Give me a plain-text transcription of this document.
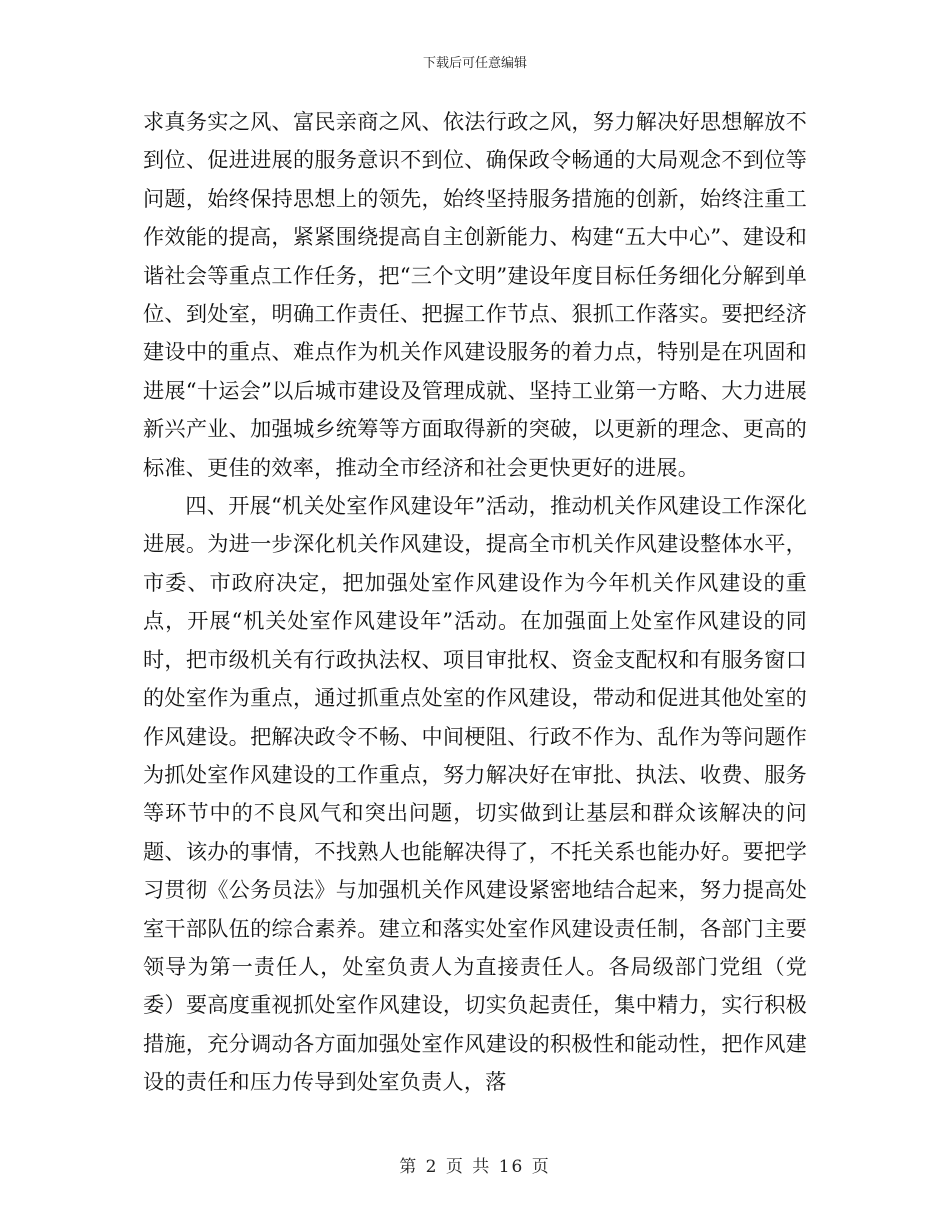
下载后可任意编辑

求真务实之风、富民亲商之风、依法行政之风，努力解决好思想解放不到位、促进进展的服务意识不到位、确保政令畅通的大局观念不到位等问题，始终保持思想上的领先，始终坚持服务措施的创新，始终注重工作效能的提高，紧紧围绕提高自主创新能力、构建“五大中心”、建设和谐社会等重点工作任务，把“三个文明”建设年度目标任务细化分解到单位、到处室，明确工作责任、把握工作节点、狠抓工作落实。要把经济建设中的重点、难点作为机关作风建设服务的着力点，特别是在巩固和进展“十运会”以后城市建设及管理成就、坚持工业第一方略、大力进展新兴产业、加强城乡统筹等方面取得新的突破，以更新的理念、更高的标准、更佳的效率，推动全市经济和社会更快更好的进展。

四、开展“机关处室作风建设年”活动，推动机关作风建设工作深化进展。为进一步深化机关作风建设，提高全市机关作风建设整体水平，市委、市政府决定，把加强处室作风建设作为今年机关作风建设的重点，开展“机关处室作风建设年”活动。在加强面上处室作风建设的同时，把市级机关有行政执法权、项目审批权、资金支配权和有服务窗口的处室作为重点，通过抓重点处室的作风建设，带动和促进其他处室的作风建设。把解决政令不畅、中间梗阻、行政不作为、乱作为等问题作为抓处室作风建设的工作重点，努力解决好在审批、执法、收费、服务等环节中的不良风气和突出问题，切实做到让基层和群众该解决的问题、该办的事情，不找熟人也能解决得了，不托关系也能办好。要把学习贯彻《公务员法》与加强机关作风建设紧密地结合起来，努力提高处室干部队伍的综合素养。建立和落实处室作风建设责任制，各部门主要领导为第一责任人，处室负责人为直接责任人。各局级部门党组（党委）要高度重视抓处室作风建设，切实负起责任，集中精力，实行积极措施，充分调动各方面加强处室作风建设的积极性和能动性，把作风建设的责任和压力传导到处室负责人，落

第 2 页 共 16 页
